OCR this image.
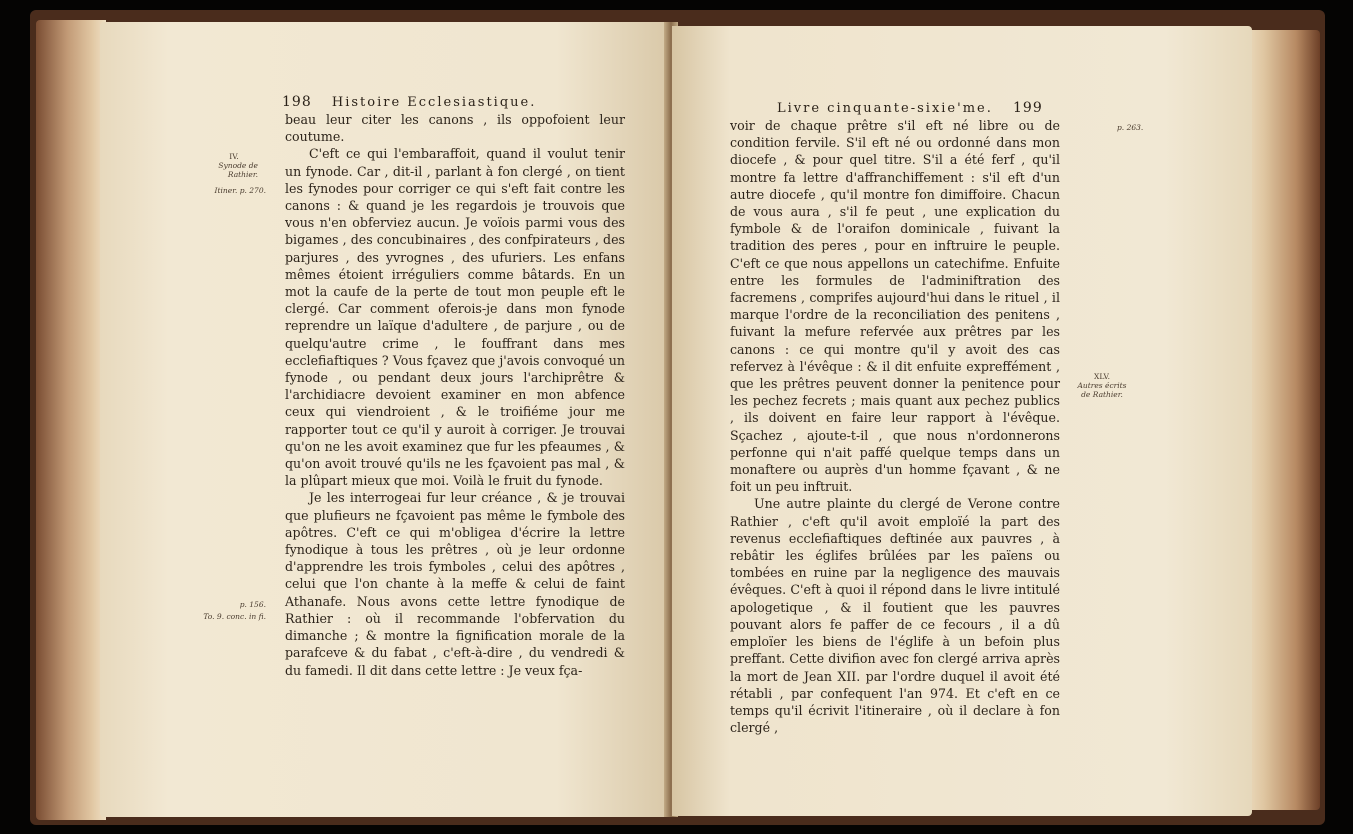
198 Histoire Ecclesiastique.
IV.
Synode de Rathier.
Itiner. p. 270.
p. 156.
To. 9. conc. in fi.

beau leur citer les canons , ils oppofoient leur coutume.

C'eft ce qui l'embaraffoit, quand il voulut tenir un fynode. Car , dit-il , parlant à fon clergé , on tient les fynodes pour corriger ce qui s'eft fait contre les canons : & quand je les regardois je trouvois que vous n'en obferviez aucun. Je voïois parmi vous des bigames , des concubinaires , des confpirateurs , des parjures , des yvrognes , des ufuriers. Les enfans mêmes étoient irréguliers comme bâtards. En un mot la caufe de la perte de tout mon peuple eft le clergé. Car comment oferois-je dans mon fynode reprendre un laïque d'adultere , de parjure , ou de quelqu'autre crime , le fouffrant dans mes ecclefiaftiques ? Vous fçavez que j'avois convoqué un fynode , ou pendant deux jours l'archiprêtre & l'archidiacre devoient examiner en mon abfence ceux qui viendroient , & le troifiéme jour me rapporter tout ce qu'il y auroit à corriger. Je trouvai qu'on ne les avoit examinez que fur les pfeaumes , & qu'on avoit trouvé qu'ils ne les fçavoient pas mal , & la plûpart mieux que moi. Voilà le fruit du fynode.

Je les interrogeai fur leur créance , & je trouvai que plufieurs ne fçavoient pas même le fymbole des apôtres. C'eft ce qui m'obligea d'écrire la lettre fynodique à tous les prêtres , où je leur ordonne d'apprendre les trois fymboles , celui des apôtres , celui que l'on chante à la meffe & celui de faint Athanafe. Nous avons cette lettre fynodique de Rathier : où il recommande l'obfervation du dimanche ; & montre la fignification morale de la parafceve & du fabat , c'eft-à-dire , du vendredi & du famedi. Il dit dans cette lettre : Je veux fça-

Livre cinquante-sixie'me. 199
p. 263.
XLV.
Autres écrits de Rathier.

voir de chaque prêtre s'il eft né libre ou de condition fervile. S'il eft né ou ordonné dans mon diocefe , & pour quel titre. S'il a été ferf , qu'il montre fa lettre d'affranchiffement : s'il eft d'un autre diocefe , qu'il montre fon dimiffoire. Chacun de vous aura , s'il fe peut , une explication du fymbole & de l'oraifon dominicale , fuivant la tradition des peres , pour en inftruire le peuple. C'eft ce que nous appellons un catechifme. Enfuite entre les formules de l'adminiftration des facremens , comprifes aujourd'hui dans le rituel , il marque l'ordre de la reconciliation des penitens , fuivant la mefure refervée aux prêtres par les canons : ce qui montre qu'il y avoit des cas refervez à l'évêque : & il dit enfuite expreffément , que les prêtres peuvent donner la penitence pour les pechez fecrets ; mais quant aux pechez publics , ils doivent en faire leur rapport à l'évêque. Sçachez , ajoute-t-il , que nous n'ordonnerons perfonne qui n'ait paffé quelque temps dans un monaftere ou auprès d'un homme fçavant , & ne foit un peu inftruit.

Une autre plainte du clergé de Verone contre Rathier , c'eft qu'il avoit emploïé la part des revenus ecclefiaftiques deftinée aux pauvres , à rebâtir les églifes brûlées par les païens ou tombées en ruine par la negligence des mauvais évêques. C'eft à quoi il répond dans le livre intitulé apologetique , & il foutient que les pauvres pouvant alors fe paffer de ce fecours , il a dû emploïer les biens de l'églife à un befoin plus preffant. Cette divifion avec fon clergé arriva après la mort de Jean XII. par l'ordre duquel il avoit été rétabli , par confequent l'an 974. Et c'eft en ce temps qu'il écrivit l'itineraire , où il declare à fon clergé ,
